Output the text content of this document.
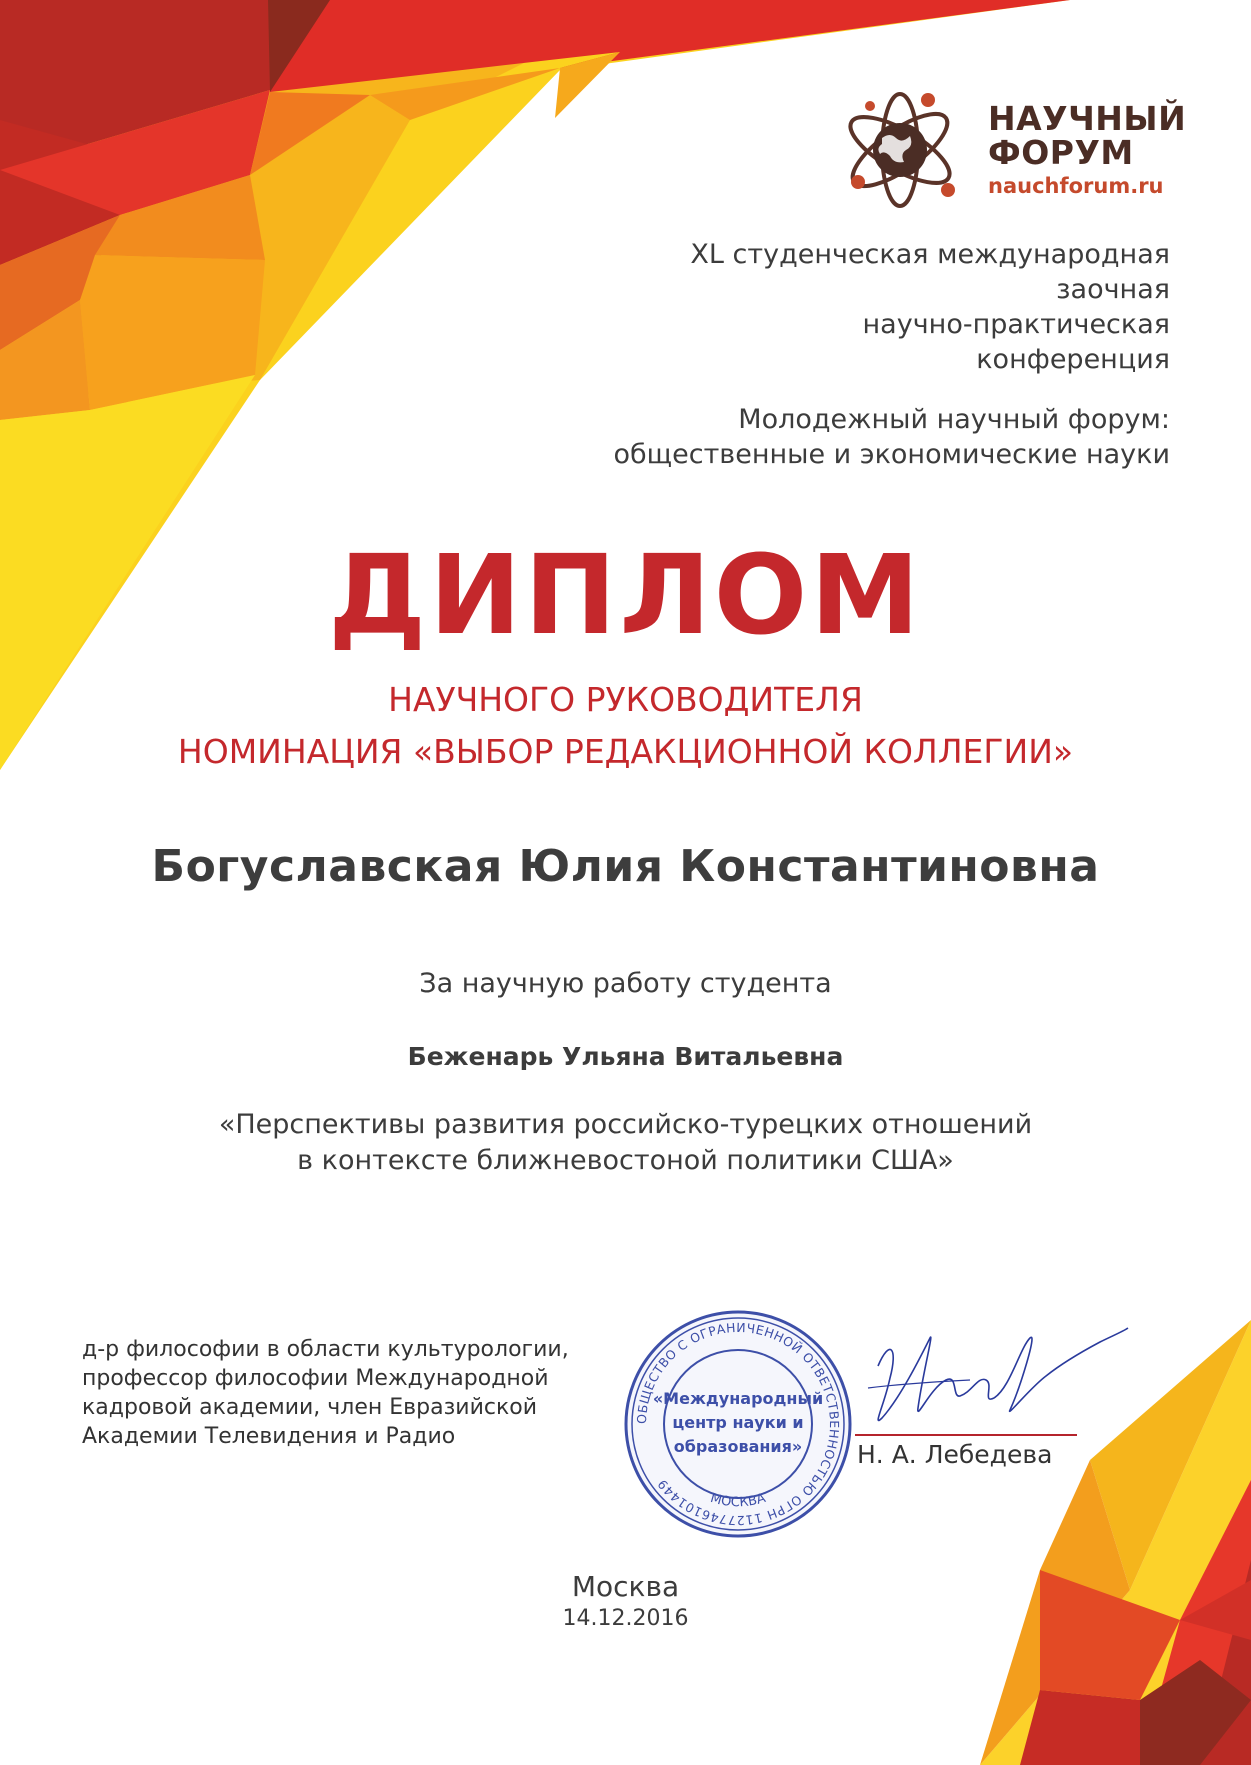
НАУЧНЫЙ
ФОРУМ
nauchforum.ru
XL студенческая международная
заочная
научно-практическая
конференция
Молодежный научный форум:
общественные и экономические науки
ДИПЛОМ
НАУЧНОГО РУКОВОДИТЕЛЯ
НОМИНАЦИЯ «ВЫБОР РЕДАКЦИОННОЙ КОЛЛЕГИИ»
Богуславская Юлия Константиновна
За научную работу студента
Беженарь Ульяна Витальевна
«Перспективы развития российско-турецких отношений
в контексте ближневостоной политики США»
д-р философии в области культурологии,
профессор философии Международной
кадровой академии, член Евразийской
Академии Телевидения и Радио
ОБЩЕСТВО С ОГРАНИЧЕННОЙ ОТВЕТСТВЕННОСТЬЮ ОГРН 1127746101449
МОСКВА
«Международный
центр науки и
образования» Н. А. Лебедева
Москва
14.12.2016
